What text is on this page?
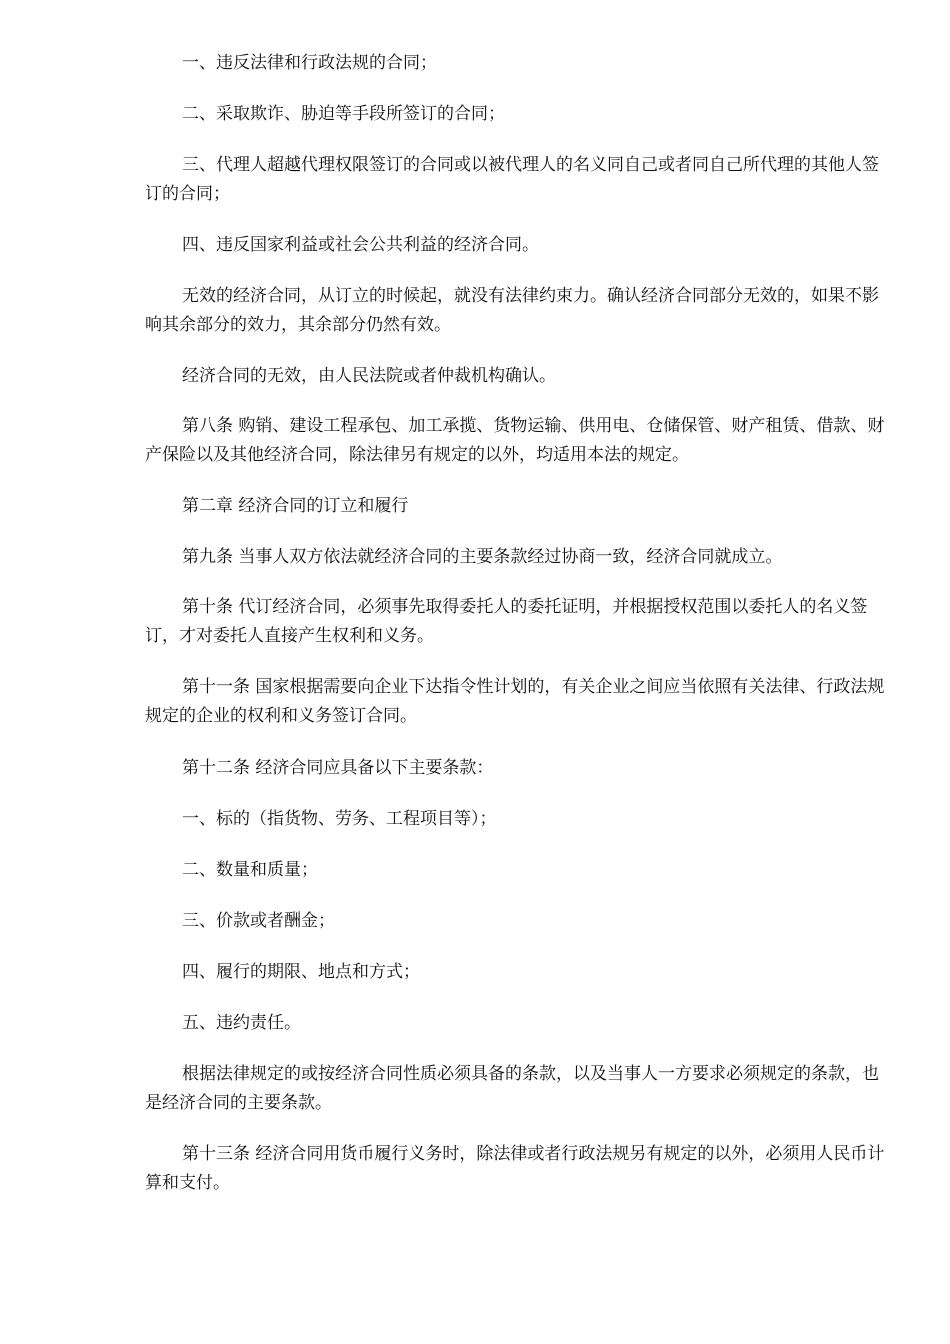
一、违反法律和行政法规的合同；

二、采取欺诈、胁迫等手段所签订的合同；

三、代理人超越代理权限签订的合同或以被代理人的名义同自己或者同自己所代理的其他人签订的合同；

四、违反国家利益或社会公共利益的经济合同。

无效的经济合同，从订立的时候起，就没有法律约束力。确认经济合同部分无效的，如果不影响其余部分的效力，其余部分仍然有效。

经济合同的无效，由人民法院或者仲裁机构确认。

第八条 购销、建设工程承包、加工承揽、货物运输、供用电、仓储保管、财产租赁、借款、财产保险以及其他经济合同，除法律另有规定的以外，均适用本法的规定。

第二章 经济合同的订立和履行

第九条 当事人双方依法就经济合同的主要条款经过协商一致，经济合同就成立。

第十条 代订经济合同，必须事先取得委托人的委托证明，并根据授权范围以委托人的名义签订，才对委托人直接产生权利和义务。

第十一条 国家根据需要向企业下达指令性计划的，有关企业之间应当依照有关法律、行政法规规定的企业的权利和义务签订合同。

第十二条 经济合同应具备以下主要条款：

一、标的（指货物、劳务、工程项目等）；

二、数量和质量；

三、价款或者酬金；

四、履行的期限、地点和方式；

五、违约责任。

根据法律规定的或按经济合同性质必须具备的条款，以及当事人一方要求必须规定的条款，也是经济合同的主要条款。

第十三条 经济合同用货币履行义务时，除法律或者行政法规另有规定的以外，必须用人民币计算和支付。
